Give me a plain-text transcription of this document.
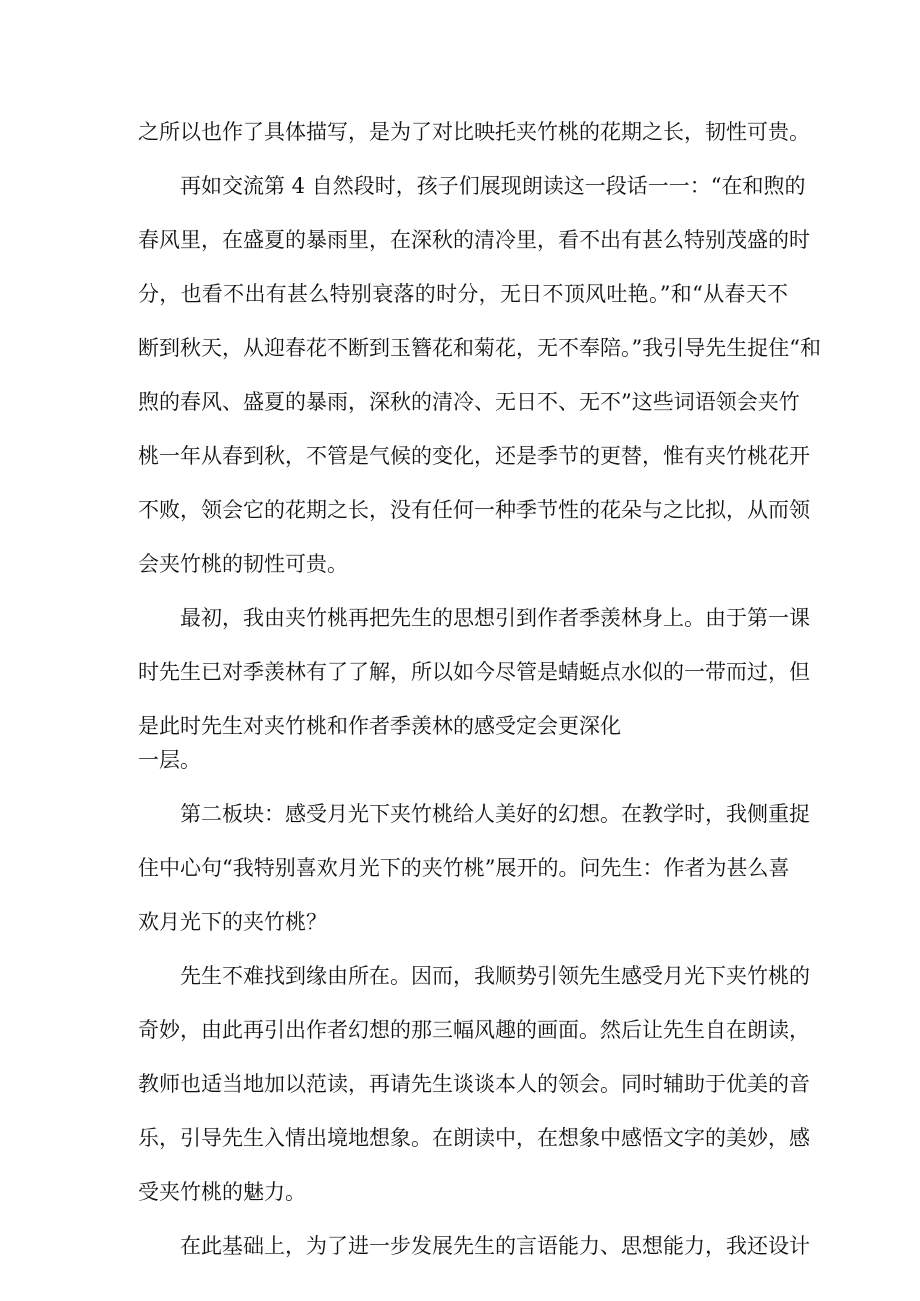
之所以也作了具体描写，是为了对比映托夹竹桃的花期之长，韧性可贵。
再如交流第 4 自然段时，孩子们展现朗读这一段话一一：“在和煦的
春风里，在盛夏的暴雨里，在深秋的清冷里，看不出有甚么特别茂盛的时
分，也看不出有甚么特别衰落的时分，无日不顶风吐艳。”和“从春天不
断到秋天，从迎春花不断到玉簪花和菊花，无不奉陪。”我引导先生捉住“和
煦的春风、盛夏的暴雨，深秋的清冷、无日不、无不”这些词语领会夹竹
桃一年从春到秋，不管是气候的变化，还是季节的更替，惟有夹竹桃花开
不败，领会它的花期之长，没有任何一种季节性的花朵与之比拟，从而领
会夹竹桃的韧性可贵。
最初，我由夹竹桃再把先生的思想引到作者季羡林身上。由于第一课
时先生已对季羡林有了了解，所以如今尽管是蜻蜓点水似的一带而过，但
是此时先生对夹竹桃和作者季羡林的感受定会更深化
一层。
第二板块：感受月光下夹竹桃给人美好的幻想。在教学时，我侧重捉
住中心句“我特别喜欢月光下的夹竹桃”展开的。问先生：作者为甚么喜
欢月光下的夹竹桃？
先生不难找到缘由所在。因而，我顺势引领先生感受月光下夹竹桃的
奇妙，由此再引出作者幻想的那三幅风趣的画面。然后让先生自在朗读，
教师也适当地加以范读，再请先生谈谈本人的领会。同时辅助于优美的音
乐，引导先生入情出境地想象。在朗读中，在想象中感悟文字的美妙，感
受夹竹桃的魅力。
在此基础上，为了进一步发展先生的言语能力、思想能力，我还设计
